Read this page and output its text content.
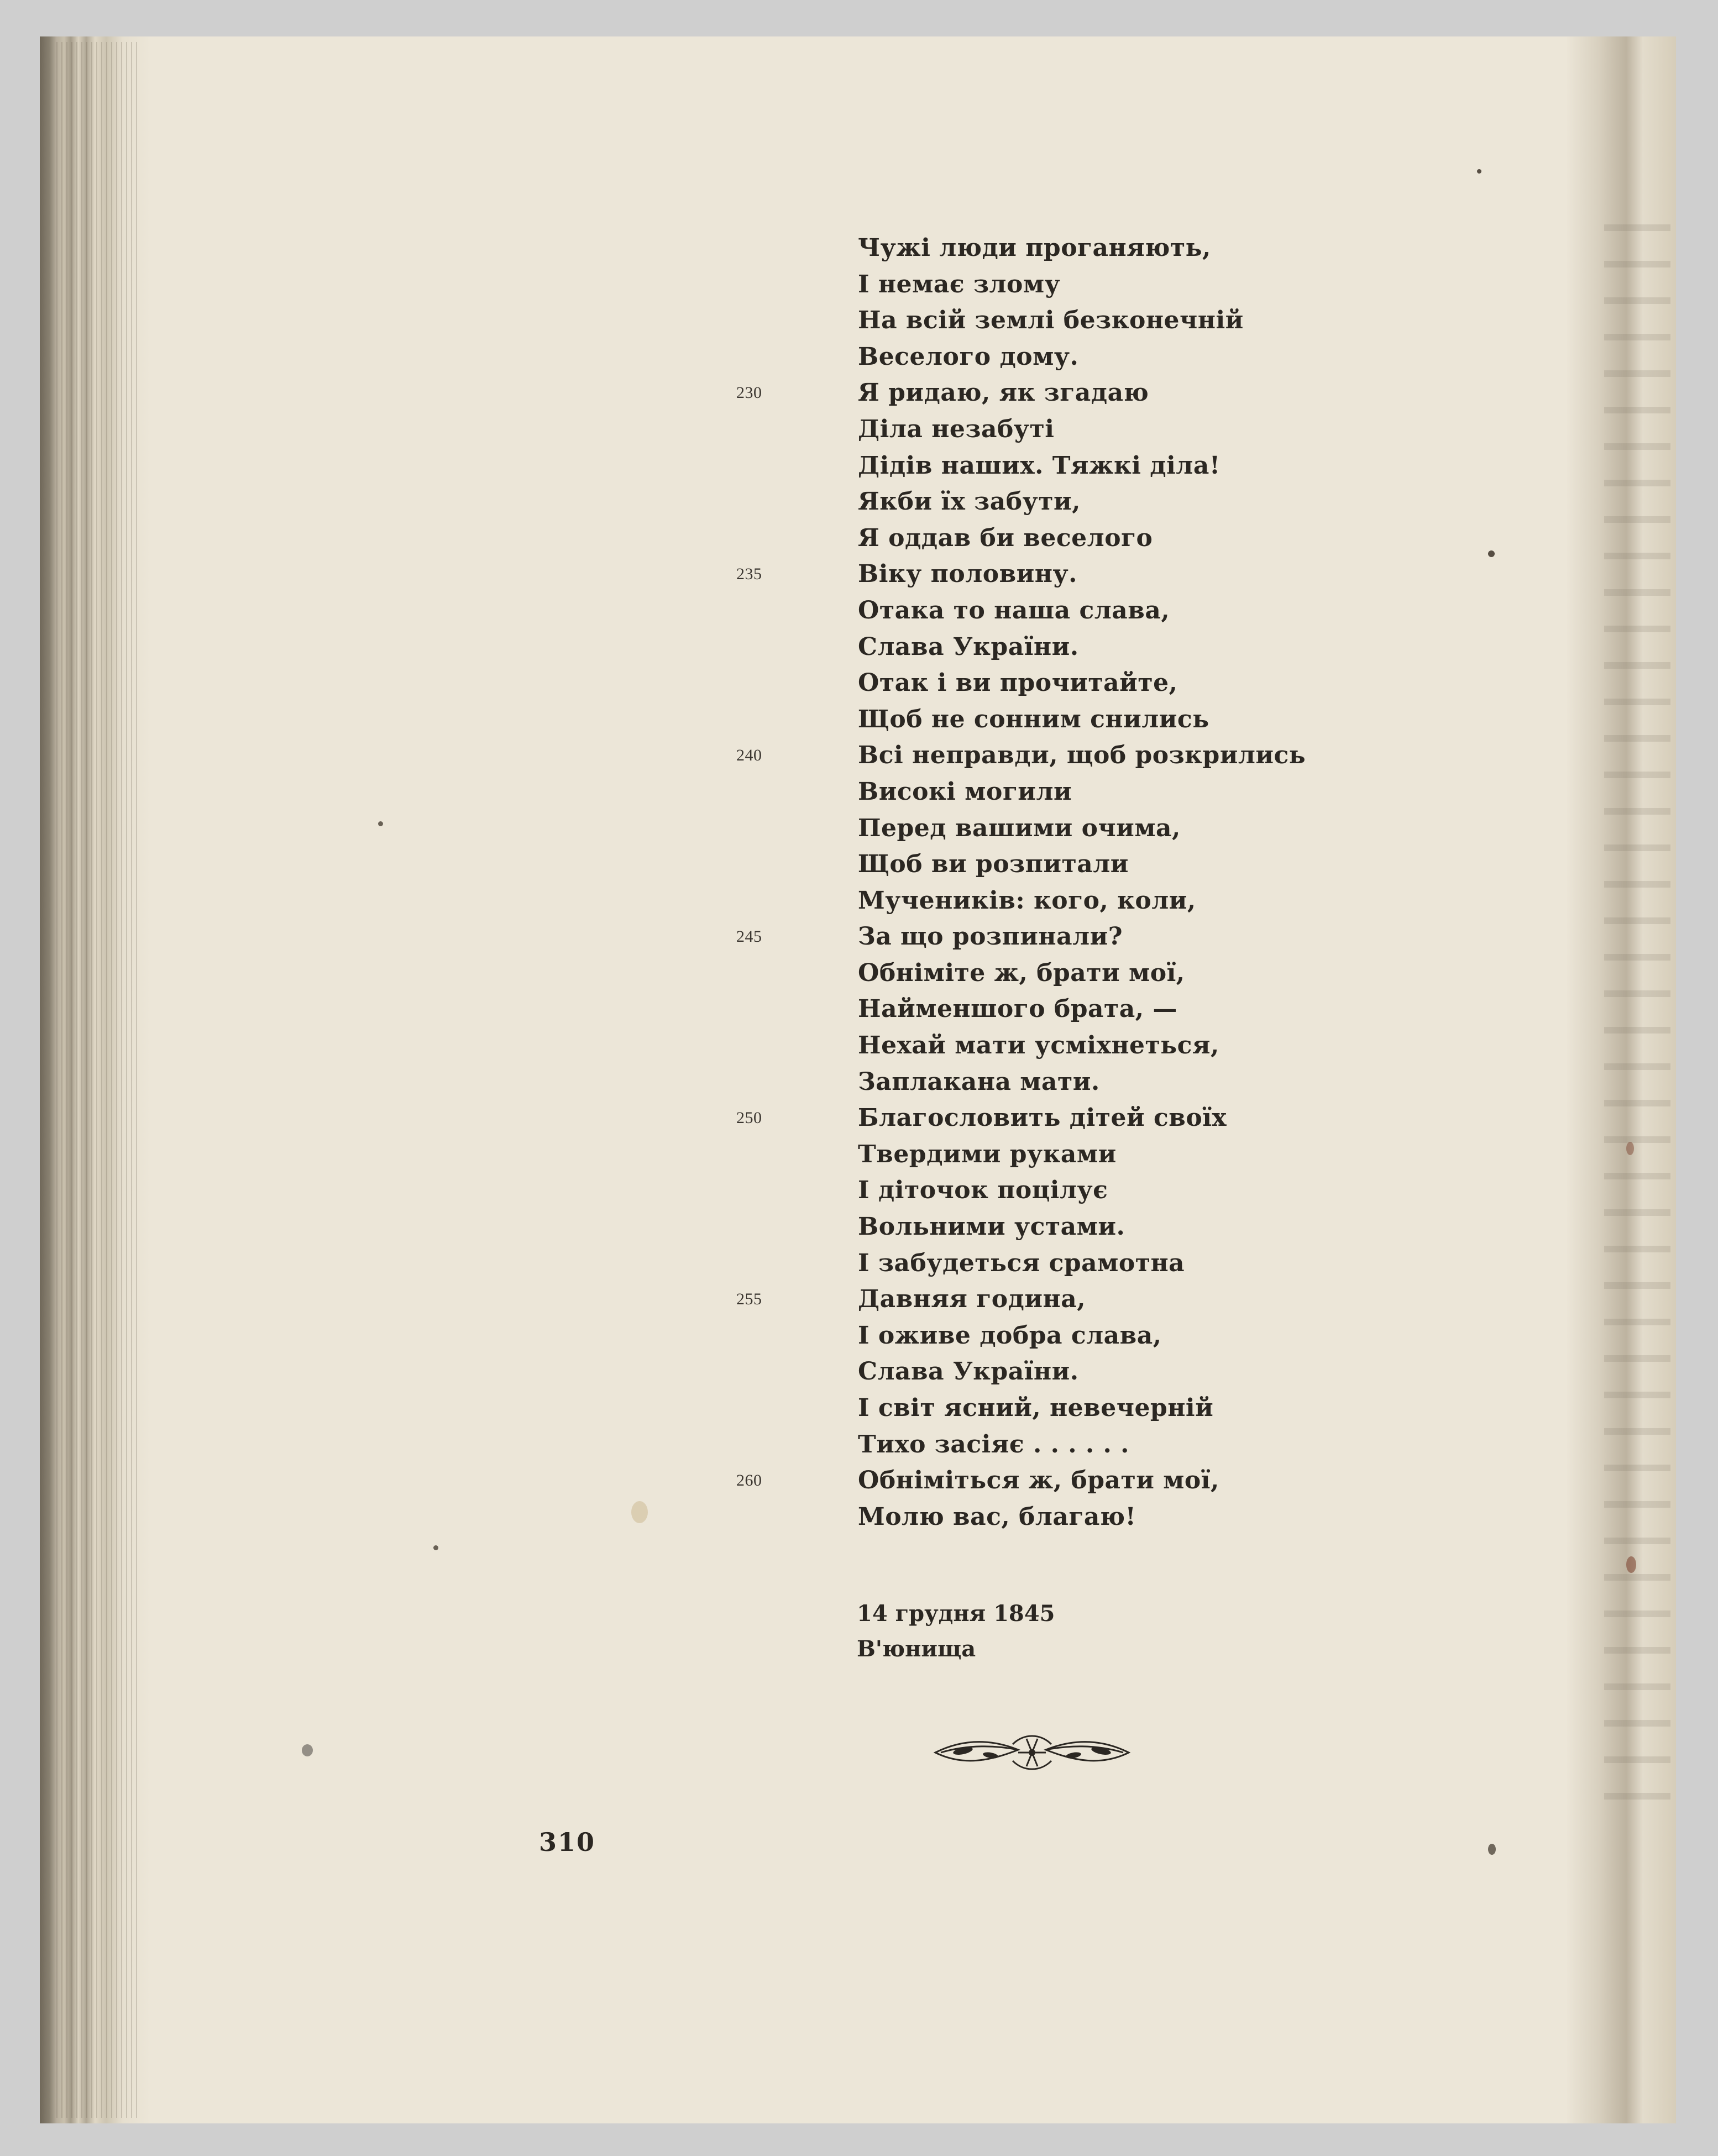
Чужі люди проганяють,
І немає злому
На всій землі безконечній
Веселого дому.
230	Я ридаю, як згадаю
Діла незабуті
Дідів наших. Тяжкі діла!
Якби їх забути,
Я оддав би веселого
235	Віку половину.
Отака то наша слава,
Слава України.
Отак і ви прочитайте,
Щоб не сонним снились
240	Всі неправди, щоб розкрились
Високі могили
Перед вашими очима,
Щоб ви розпитали
Мучеників: кого, коли,
245	За що розпинали?
Обніміте ж, брати мої,
Найменшого брата, —
Нехай мати усміхнеться,
Заплакана мати.
250	Благословить дітей своїх
Твердими руками
І діточок поцілує
Вольними устами.
І забудеться срамотна
255	Давняя година,
І оживе добра слава,
Слава України.
І світ ясний, невечерній
Тихо засіяє . . . . . .
260	Обніміться ж, брати мої,
Молю вас, благаю!
14 грудня 1845
В'юнища
310
